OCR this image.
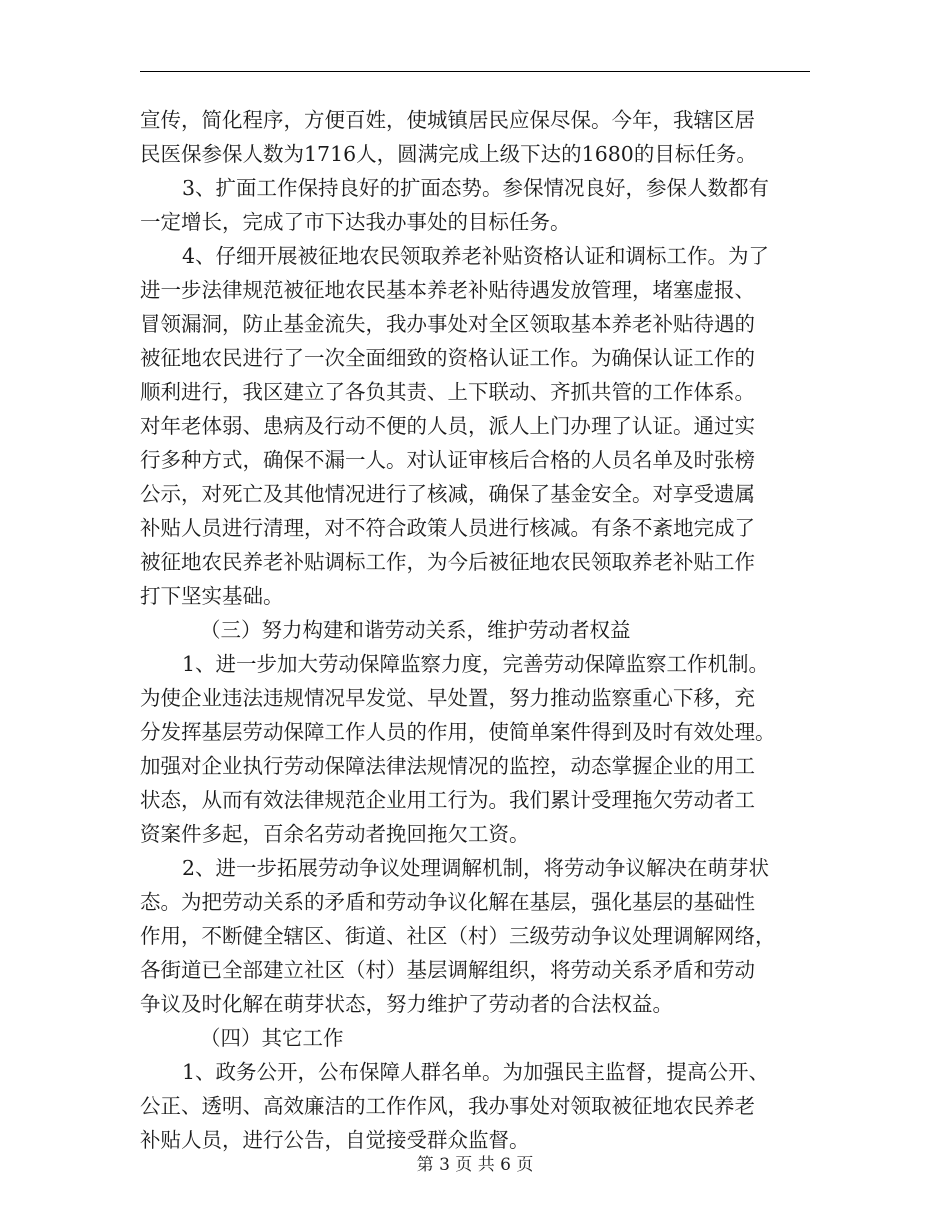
宣传，简化程序，方便百姓，使城镇居民应保尽保。今年，我辖区居
民医保参保人数为1716人，圆满完成上级下达的1680的目标任务。
3、扩面工作保持良好的扩面态势。参保情况良好，参保人数都有
一定增长，完成了市下达我办事处的目标任务。
4、仔细开展被征地农民领取养老补贴资格认证和调标工作。为了
进一步法律规范被征地农民基本养老补贴待遇发放管理，堵塞虚报、
冒领漏洞，防止基金流失，我办事处对全区领取基本养老补贴待遇的
被征地农民进行了一次全面细致的资格认证工作。为确保认证工作的
顺利进行，我区建立了各负其责、上下联动、齐抓共管的工作体系。
对年老体弱、患病及行动不便的人员，派人上门办理了认证。通过实
行多种方式，确保不漏一人。对认证审核后合格的人员名单及时张榜
公示，对死亡及其他情况进行了核减，确保了基金安全。对享受遗属
补贴人员进行清理，对不符合政策人员进行核减。有条不紊地完成了
被征地农民养老补贴调标工作，为今后被征地农民领取养老补贴工作
打下坚实基础。
（三）努力构建和谐劳动关系，维护劳动者权益
1、进一步加大劳动保障监察力度，完善劳动保障监察工作机制。
为使企业违法违规情况早发觉、早处置，努力推动监察重心下移，充
分发挥基层劳动保障工作人员的作用，使简单案件得到及时有效处理。
加强对企业执行劳动保障法律法规情况的监控，动态掌握企业的用工
状态，从而有效法律规范企业用工行为。我们累计受理拖欠劳动者工
资案件多起，百余名劳动者挽回拖欠工资。
2、进一步拓展劳动争议处理调解机制，将劳动争议解决在萌芽状
态。为把劳动关系的矛盾和劳动争议化解在基层，强化基层的基础性
作用，不断健全辖区、街道、社区（村）三级劳动争议处理调解网络，
各街道已全部建立社区（村）基层调解组织，将劳动关系矛盾和劳动
争议及时化解在萌芽状态，努力维护了劳动者的合法权益。
（四）其它工作
1、政务公开，公布保障人群名单。为加强民主监督，提高公开、
公正、透明、高效廉洁的工作作风，我办事处对领取被征地农民养老
补贴人员，进行公告，自觉接受群众监督。
第 3 页 共 6 页
